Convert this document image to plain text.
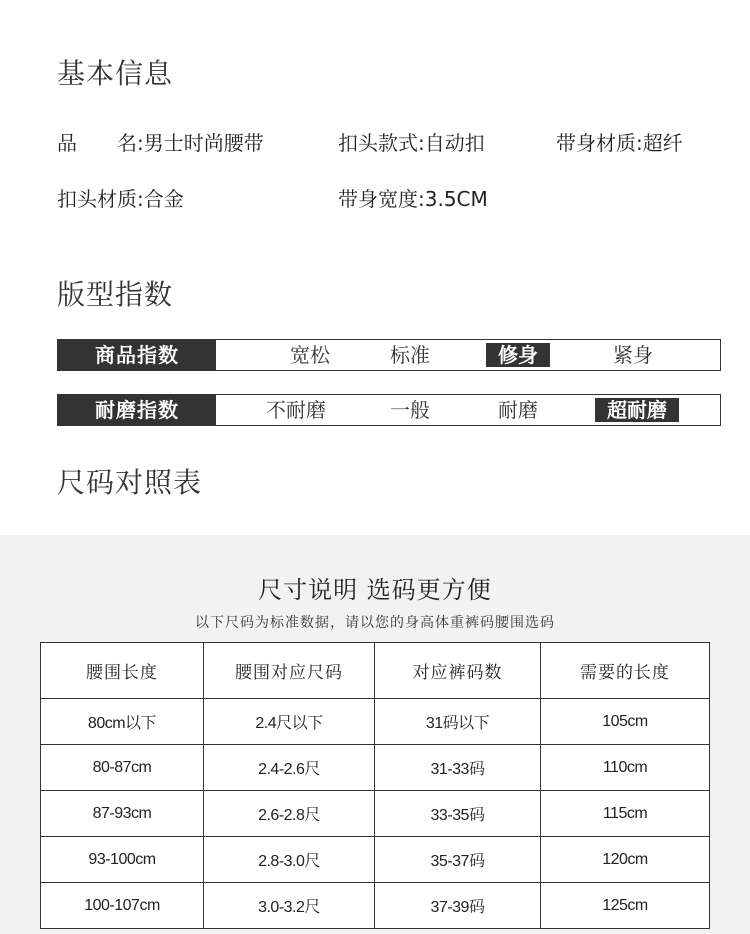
基本信息
品　　名:男士时尚腰带	扣头款式:自动扣	带身材质:超纤
扣头材质:合金	带身宽度:3.5CM
版型指数
商品指数	宽松	标准	修身	紧身
耐磨指数	不耐磨	一般	耐磨	超耐磨
尺码对照表
尺寸说明 选码更方便
以下尺码为标准数据，请以您的身高体重裤码腰围选码
腰围长度	腰围对应尺码	对应裤码数	需要的长度
80cm以下	2.4尺以下	31码以下	105cm
80-87cm	2.4-2.6尺	31-33码	110cm
87-93cm	2.6-2.8尺	33-35码	115cm
93-100cm	2.8-3.0尺	35-37码	120cm
100-107cm	3.0-3.2尺	37-39码	125cm
